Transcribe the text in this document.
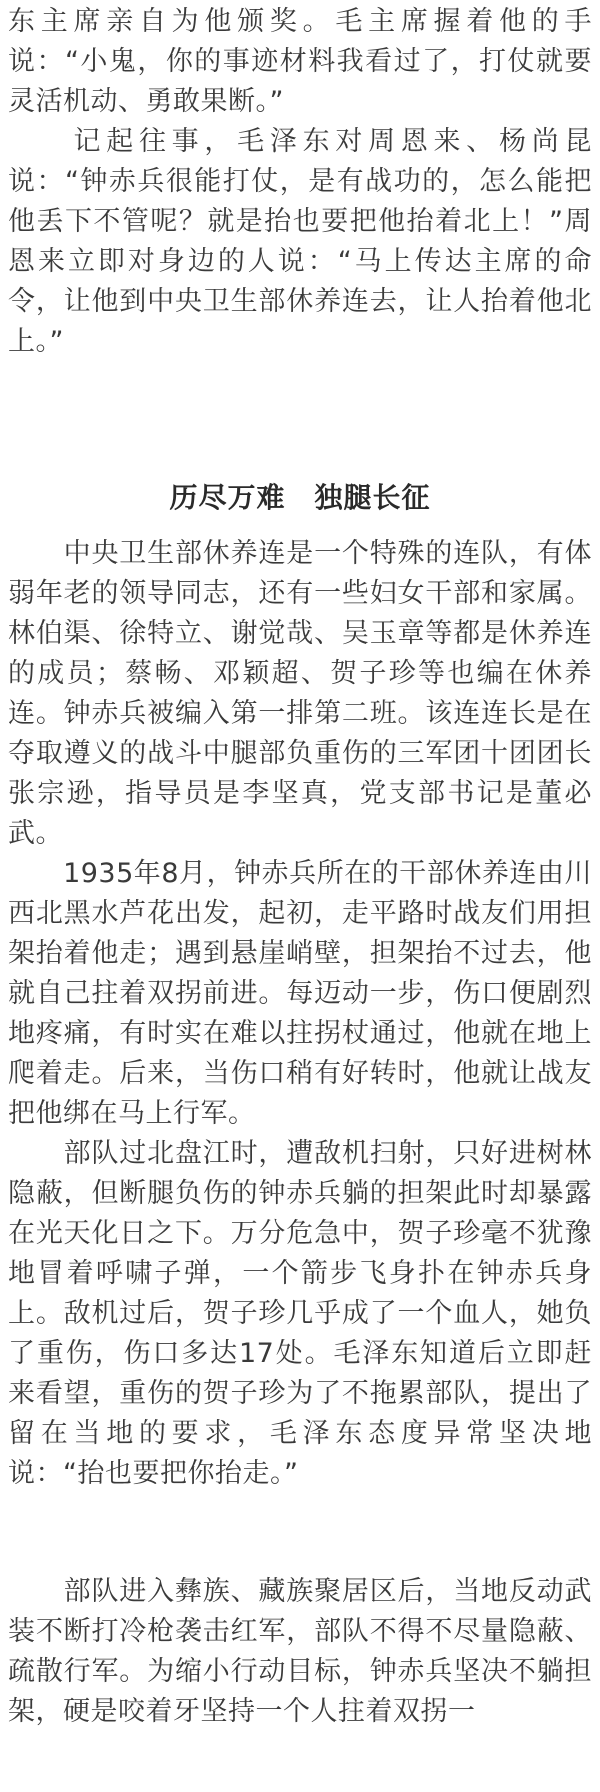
东主席亲自为他颁奖。毛主席握着他的手说：“小鬼，你的事迹材料我看过了，打仗就要灵活机动、勇敢果断。”

　　记起往事，毛泽东对周恩来、杨尚昆说：“钟赤兵很能打仗，是有战功的，怎么能把他丢下不管呢？就是抬也要把他抬着北上！”周恩来立即对身边的人说：“马上传达主席的命令，让他到中央卫生部休养连去，让人抬着他北上。”

历尽万难　独腿长征

　　中央卫生部休养连是一个特殊的连队，有体弱年老的领导同志，还有一些妇女干部和家属。林伯渠、徐特立、谢觉哉、吴玉章等都是休养连的成员；蔡畅、邓颖超、贺子珍等也编在休养连。钟赤兵被编入第一排第二班。该连连长是在夺取遵义的战斗中腿部负重伤的三军团十团团长张宗逊，指导员是李坚真，党支部书记是董必武。

　　1935年8月，钟赤兵所在的干部休养连由川西北黑水芦花出发，起初，走平路时战友们用担架抬着他走；遇到悬崖峭壁，担架抬不过去，他就自己拄着双拐前进。每迈动一步，伤口便剧烈地疼痛，有时实在难以拄拐杖通过，他就在地上爬着走。后来，当伤口稍有好转时，他就让战友把他绑在马上行军。

　　部队过北盘江时，遭敌机扫射，只好进树林隐蔽，但断腿负伤的钟赤兵躺的担架此时却暴露在光天化日之下。万分危急中，贺子珍毫不犹豫地冒着呼啸子弹，一个箭步飞身扑在钟赤兵身上。敌机过后，贺子珍几乎成了一个血人，她负了重伤，伤口多达17处。毛泽东知道后立即赶来看望，重伤的贺子珍为了不拖累部队，提出了留在当地的要求，毛泽东态度异常坚决地说：“抬也要把你抬走。”

　　部队进入彝族、藏族聚居区后，当地反动武装不断打冷枪袭击红军，部队不得不尽量隐蔽、疏散行军。为缩小行动目标，钟赤兵坚决不躺担架，硬是咬着牙坚持一个人拄着双拐一
